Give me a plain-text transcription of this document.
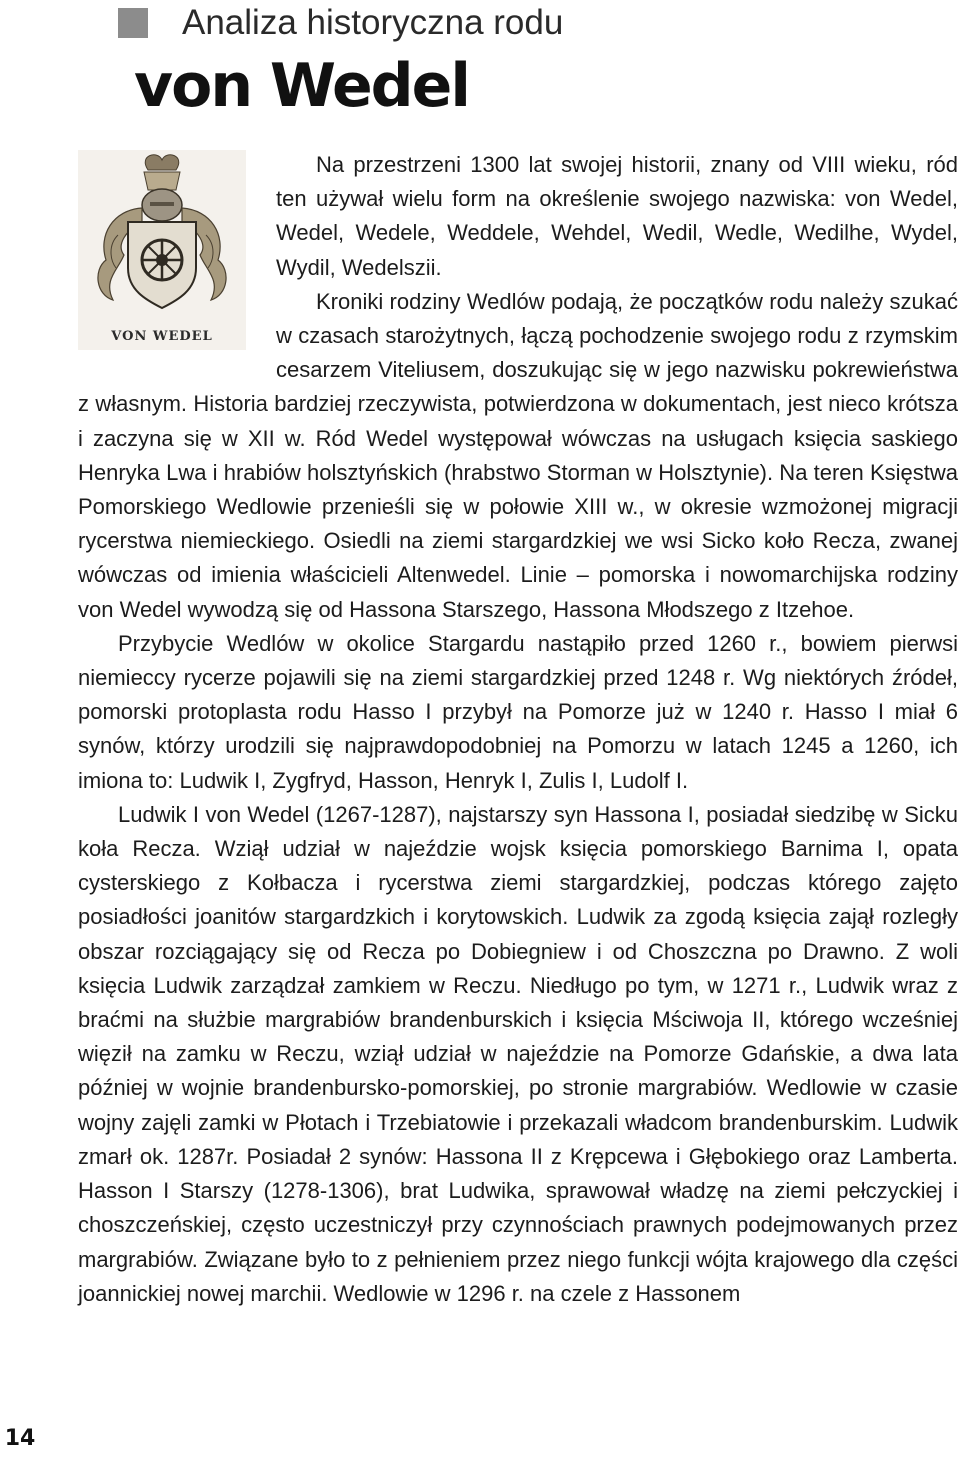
Analiza historyczna rodu
von Wedel
VON WEDEL

Na przestrzeni 1300 lat swojej historii, znany od VIII wieku, ród ten używał wielu form na określenie swojego nazwiska: von Wedel, Wedel, Wedele, Weddele, Wehdel, Wedil, Wedle, Wedilhe, Wydel, Wydil, Wedelszii.

Kroniki rodziny Wedlów podają, że początków rodu należy szukać w czasach starożytnych, łączą pochodzenie swojego rodu z rzymskim cesarzem Viteliusem, doszukując się w jego nazwisku pokrewieństwa z własnym. Historia bardziej rzeczywista, potwierdzona w dokumentach, jest nieco krótsza i zaczyna się w XII w. Ród Wedel występował wówczas na usługach księcia saskiego Henryka Lwa i hrabiów holsztyńskich (hrabstwo Storman w Holsztynie). Na teren Księstwa Pomorskiego Wedlowie przenieśli się w połowie XIII w., w okresie wzmożonej migracji rycerstwa niemieckiego. Osiedli na ziemi stargardzkiej we wsi Sicko koło Recza, zwanej wówczas od imienia właścicieli Altenwedel. Linie – pomorska i nowomarchijska rodziny von Wedel wywodzą się od Hassona Starszego, Hassona Młodszego z Itzehoe.

Przybycie Wedlów w okolice Stargardu nastąpiło przed 1260 r., bowiem pierwsi niemieccy rycerze pojawili się na ziemi stargardzkiej przed 1248 r. Wg niektórych źródeł, pomorski protoplasta rodu Hasso I przybył na Pomorze już w 1240 r. Hasso I miał 6 synów, którzy urodzili się najprawdopodobniej na Pomorzu w latach 1245 a 1260, ich imiona to: Ludwik I, Zygfryd, Hasson, Henryk I, Zulis I, Ludolf I.

Ludwik I von Wedel (1267-1287), najstarszy syn Hassona I, posiadał siedzibę w Sicku koła Recza. Wziął udział w najeździe wojsk księcia pomorskiego Barnima I, opata cysterskiego z Kołbacza i rycerstwa ziemi stargardzkiej, podczas którego zajęto posiadłości joanitów stargardzkich i korytowskich. Ludwik za zgodą księcia zajął rozległy obszar rozciągający się od Recza po Dobiegniew i od Choszczna po Drawno. Z woli księcia Ludwik zarządzał zamkiem w Reczu. Niedługo po tym, w 1271 r., Ludwik wraz z braćmi na służbie margrabiów brandenburskich i księcia Mściwoja II, którego wcześniej więził na zamku w Reczu, wziął udział w najeździe na Pomorze Gdańskie, a dwa lata później w wojnie brandenbursko-pomorskiej, po stronie margrabiów. Wedlowie w czasie wojny zajęli zamki w Płotach i Trzebiatowie i przekazali władcom brandenburskim. Ludwik zmarł ok. 1287r. Posiadał 2 synów: Hassona II z Krępcewa i Głębokiego oraz Lamberta. Hasson I Starszy (1278-1306), brat Ludwika, sprawował władzę na ziemi pełczyckiej i choszczeńskiej, często uczestniczył przy czynnościach prawnych podejmowanych przez margrabiów. Związane było to z pełnieniem przez niego funkcji wójta krajowego dla części joannickiej nowej marchii. Wedlowie w 1296 r. na czele z Hassonem

14
